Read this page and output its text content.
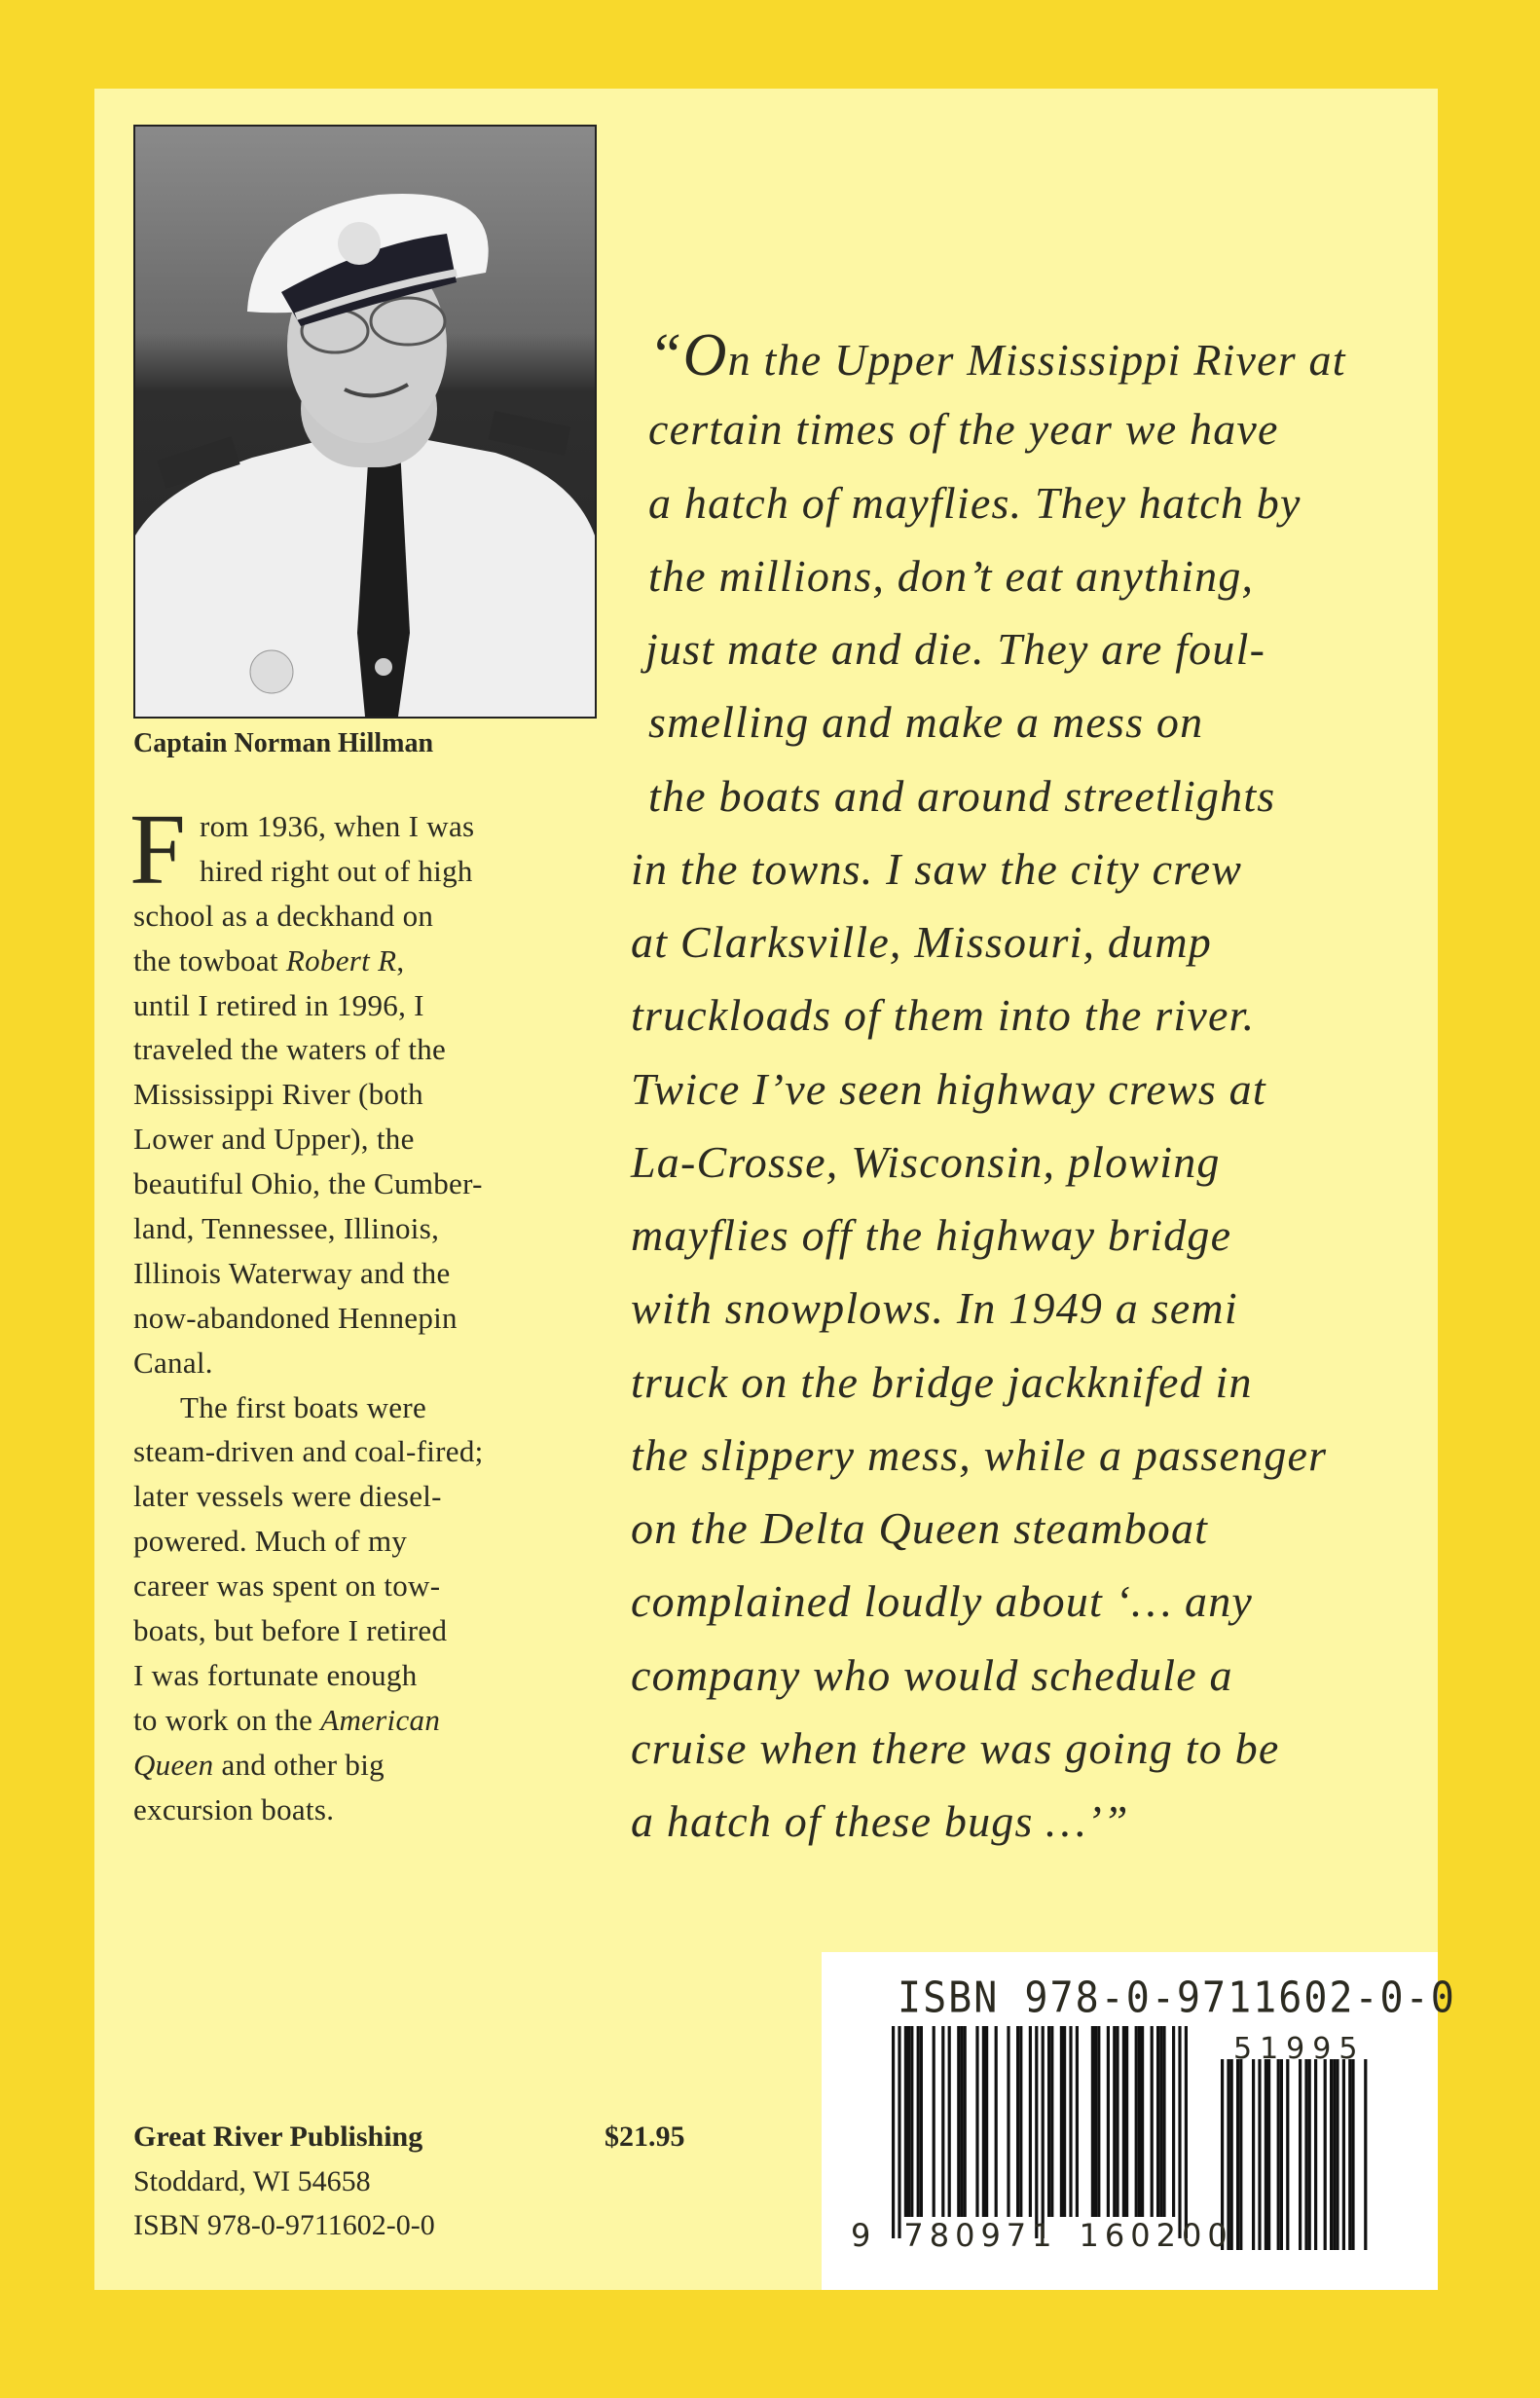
Captain Norman Hillman
F rom 1936, when I was
hired right out of high
school as a deckhand on
the towboat Robert R,
until I retired in 1996, I
traveled the waters of the
Mississippi River (both
Lower and Upper), the
beautiful Ohio, the Cumber-
land, Tennessee, Illinois,
Illinois Waterway and the
now-abandoned Hennepin
Canal.
The first boats were
steam-driven and coal-fired;
later vessels were diesel-
powered. Much of my
career was spent on tow-
boats, but before I retired
I was fortunate enough
to work on the American
Queen and other big
excursion boats.
“On the Upper Mississippi River at
certain times of the year we have
a hatch of mayflies. They hatch by
the millions, don’t eat anything,
just mate and die. They are foul-
smelling and make a mess on
the boats and around streetlights
in the towns. I saw the city crew
at Clarksville, Missouri, dump
truckloads of them into the river.
Twice I’ve seen highway crews at
La-Crosse, Wisconsin, plowing
mayflies off the highway bridge
with snowplows. In 1949 a semi
truck on the bridge jackknifed in
the slippery mess, while a passenger
on the Delta Queen steamboat
complained loudly about ‘… any
company who would schedule a
cruise when there was going to be
a hatch of these bugs …’”
Great River Publishing
Stoddard, WI 54658
ISBN 978-0-9711602-0-0
$21.95
ISBN 978-0-9711602-0-0
51995
9 780971 160200
